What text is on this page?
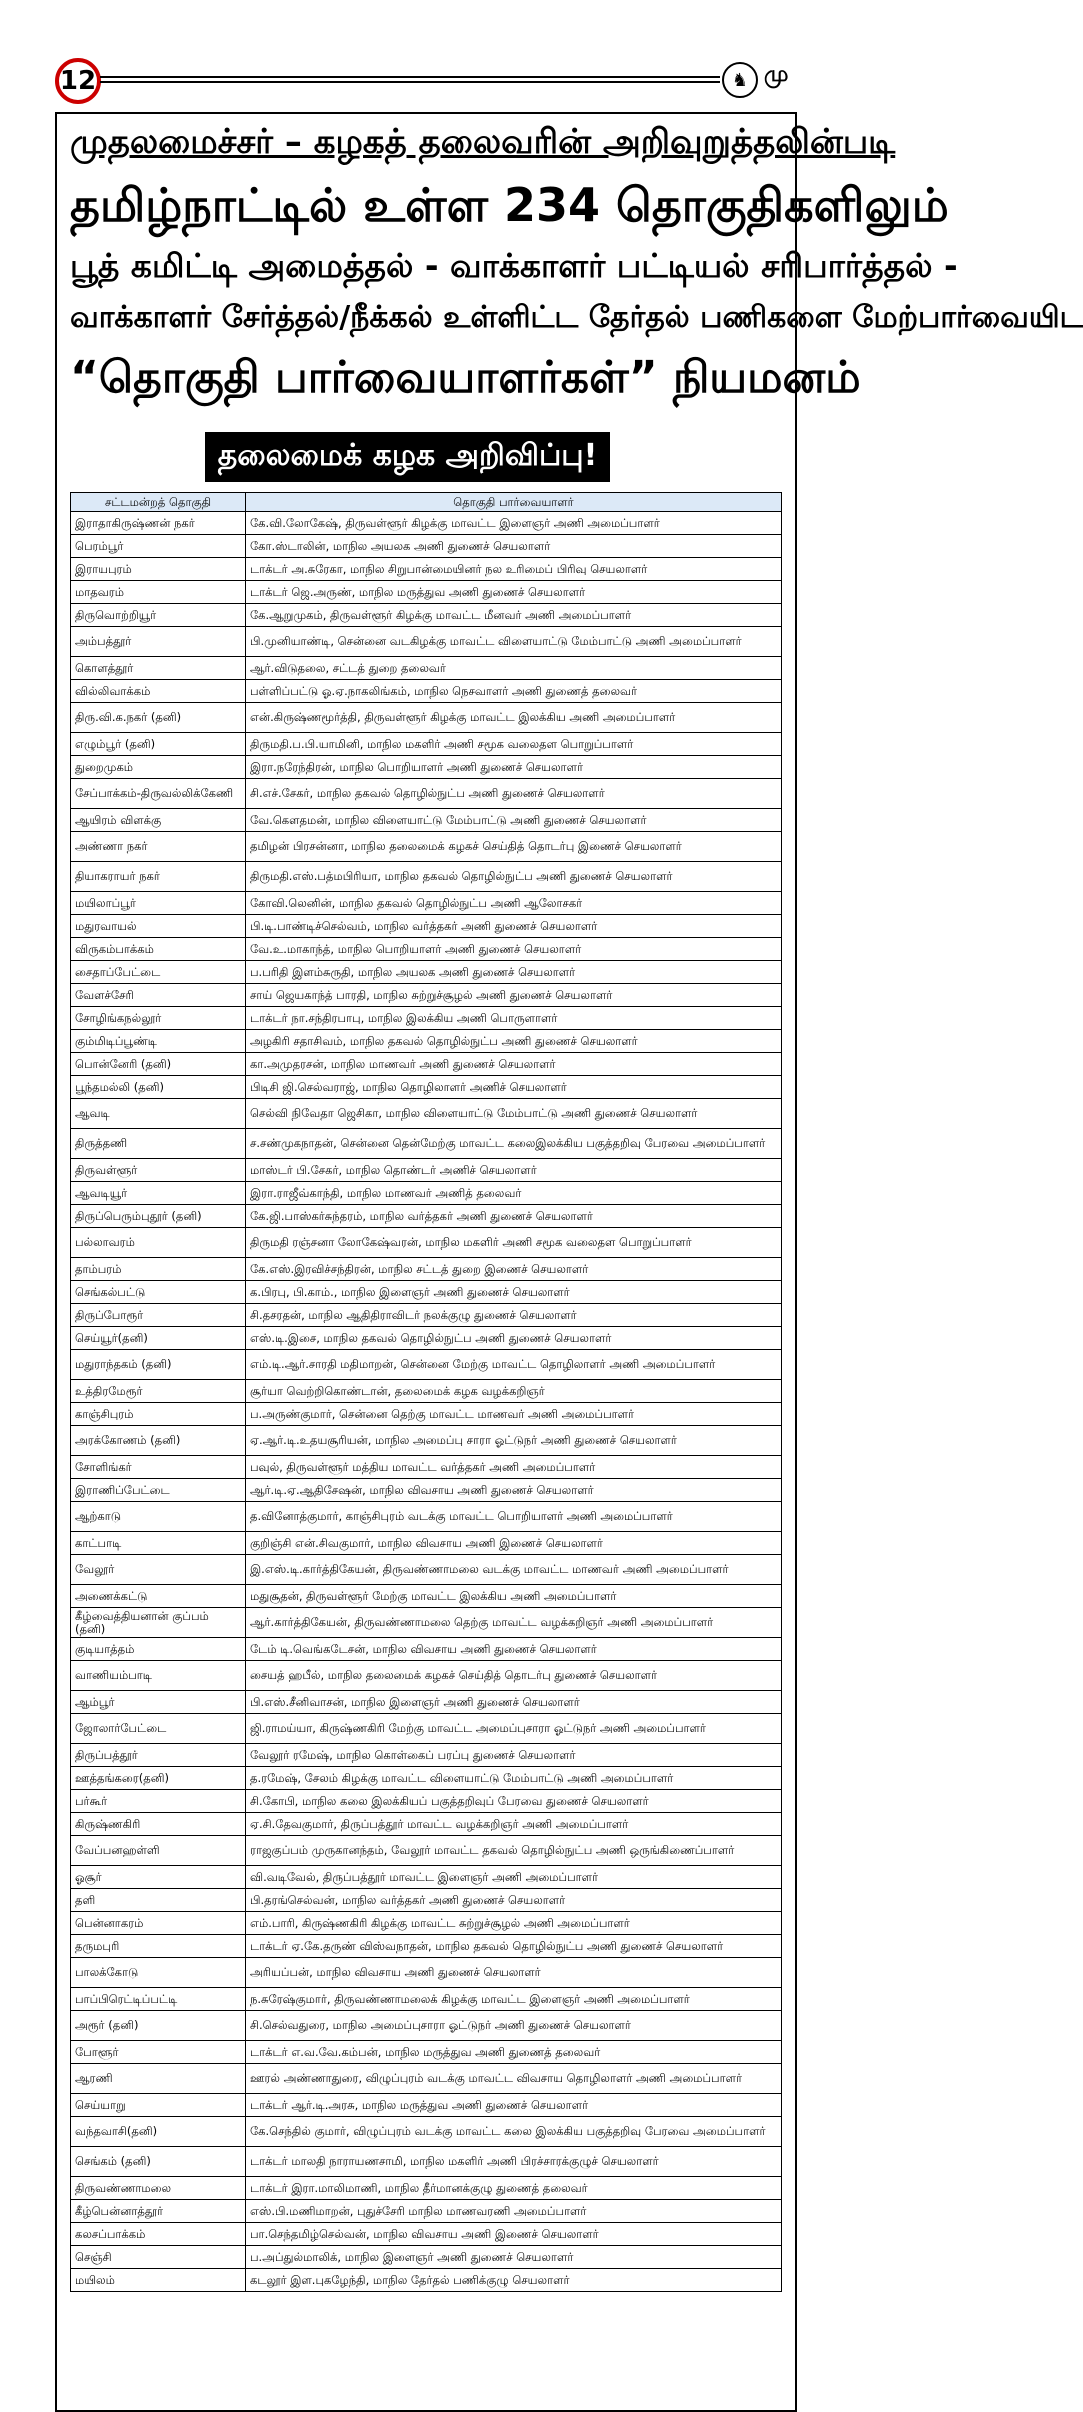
12	♞ மு
முதலமைச்சர் – கழகத் தலைவரின் அறிவுறுத்தலின்படி
தமிழ்நாட்டில் உள்ள 234 தொகுதிகளிலும்
பூத் கமிட்டி அமைத்தல் - வாக்காளர் பட்டியல் சரிபார்த்தல் -
வாக்காளர் சேர்த்தல்/நீக்கல் உள்ளிட்ட தேர்தல் பணிகளை மேற்பார்வையிட
“தொகுதி பார்வையாளர்கள்” நியமனம்
தலைமைக் கழக அறிவிப்பு!
சட்டமன்றத் தொகுதி	தொகுதி பார்வையாளர்
இராதாகிருஷ்ணன் நகர்	கே.வி.லோகேஷ், திருவள்ளூர் கிழக்கு மாவட்ட இளைஞர் அணி அமைப்பாளர்
பெரம்பூர்	கோ.ஸ்டாலின், மாநில அயலக அணி துணைச் செயலாளர்
இராயபுரம்	டாக்டர் அ.சுரேகா, மாநில சிறுபான்மையினர் நல உரிமைப் பிரிவு செயலாளர்
மாதவரம்	டாக்டர் ஜெ.அருண், மாநில மருத்துவ அணி துணைச் செயலாளர்
திருவொற்றியூர்	கே.ஆறுமுகம், திருவள்ளூர் கிழக்கு மாவட்ட மீனவர் அணி அமைப்பாளர்
அம்பத்தூர்	பி.முனியாண்டி, சென்னை வடகிழக்கு மாவட்ட விளையாட்டு மேம்பாட்டு அணி அமைப்பாளர்
கொளத்தூர்	ஆர்.விடுதலை, சட்டத் துறை தலைவர்
வில்லிவாக்கம்	பள்ளிப்பட்டு ஓ.ஏ.நாகலிங்கம், மாநில நெசவாளர் அணி துணைத் தலைவர்
திரு.வி.க.நகர் (தனி)	என்.கிருஷ்ணமூர்த்தி, திருவள்ளூர் கிழக்கு மாவட்ட இலக்கிய அணி அமைப்பாளர்
எழும்பூர் (தனி)	திருமதி.ப.பி.யாமினி, மாநில மகளிர் அணி சமூக வலைதள பொறுப்பாளர்
துறைமுகம்	இரா.நரேந்திரன், மாநில பொறியாளர் அணி துணைச் செயலாளர்
சேப்பாக்கம்-திருவல்லிக்கேணி	சி.எச்.சேகர், மாநில தகவல் தொழில்நுட்ப அணி துணைச் செயலாளர்
ஆயிரம் விளக்கு	வே.கௌதமன், மாநில விளையாட்டு மேம்பாட்டு அணி துணைச் செயலாளர்
அண்ணா நகர்	தமிழன் பிரசன்னா, மாநில தலைமைக் கழகச் செய்தித் தொடர்பு இணைச் செயலாளர்
தியாகராயர் நகர்	திருமதி.எஸ்.பத்மபிரியா, மாநில தகவல் தொழில்நுட்ப அணி துணைச் செயலாளர்
மயிலாப்பூர்	கோவி.லெனின், மாநில தகவல் தொழில்நுட்ப அணி ஆலோசகர்
மதுரவாயல்	பி.டி.பாண்டிச்செல்வம், மாநில வர்த்தகர் அணி துணைச் செயலாளர்
விருகம்பாக்கம்	வே.உ.மாகாந்த், மாநில பொறியாளர் அணி துணைச் செயலாளர்
சைதாப்பேட்டை	ப.பரிதி இளம்சுருதி, மாநில அயலக அணி துணைச் செயலாளர்
வேளச்சேரி	சாய் ஜெயகாந்த் பாரதி, மாநில சுற்றுச்சூழல் அணி துணைச் செயலாளர்
சோழிங்கநல்லூர்	டாக்டர் நா.சந்திரபாபு, மாநில இலக்கிய அணி பொருளாளர்
கும்மிடிப்பூண்டி	அழகிரி சதாசிவம், மாநில தகவல் தொழில்நுட்ப அணி துணைச் செயலாளர்
பொன்னேரி (தனி)	கா.அமுதரசன், மாநில மாணவர் அணி துணைச் செயலாளர்
பூந்தமல்லி (தனி)	பிடிசி ஜி.செல்வராஜ், மாநில தொழிலாளர் அணிச் செயலாளர்
ஆவடி	செல்வி நிவேதா ஜெசிகா, மாநில விளையாட்டு மேம்பாட்டு அணி துணைச் செயலாளர்
திருத்தணி	ச.சண்முகநாதன், சென்னை தென்மேற்கு மாவட்ட கலைஇலக்கிய பகுத்தறிவு பேரவை அமைப்பாளர்
திருவள்ளூர்	மாஸ்டர் பி.சேகர், மாநில தொண்டர் அணிச் செயலாளர்
ஆவடியூர்	இரா.ராஜீவ்காந்தி, மாநில மாணவர் அணித் தலைவர்
திருப்பெரும்புதூர் (தனி)	கே.ஜி.பாஸ்கர்சுந்தரம், மாநில வர்த்தகர் அணி துணைச் செயலாளர்
பல்லாவரம்	திருமதி ரஞ்சனா லோகேஷ்வரன், மாநில மகளிர் அணி சமூக வலைதள பொறுப்பாளர்
தாம்பரம்	கே.எஸ்.இரவிச்சந்திரன், மாநில சட்டத் துறை இணைச் செயலாளர்
செங்கல்பட்டு	க.பிரபு, பி.காம்., மாநில இளைஞர் அணி துணைச் செயலாளர்
திருப்போரூர்	சி.தசரதன், மாநில ஆதிதிராவிடர் நலக்குழு துணைச் செயலாளர்
செய்யூர்(தனி)	எஸ்.டி.இசை, மாநில தகவல் தொழில்நுட்ப அணி துணைச் செயலாளர்
மதுராந்தகம் (தனி)	எம்.டி.ஆர்.சாரதி மதிமாறன், சென்னை மேற்கு மாவட்ட தொழிலாளர் அணி அமைப்பாளர்
உத்திரமேரூர்	சூர்யா வெற்றிகொண்டான், தலைமைக் கழக வழக்கறிஞர்
காஞ்சிபுரம்	ப.அருண்குமார், சென்னை தெற்கு மாவட்ட மாணவர் அணி அமைப்பாளர்
அரக்கோணம் (தனி)	ஏ.ஆர்.டி.உதயசூரியன், மாநில அமைப்பு சாரா ஓட்டுநர் அணி துணைச் செயலாளர்
சோளிங்கர்	பவுல், திருவள்ளூர் மத்திய மாவட்ட வர்த்தகர் அணி அமைப்பாளர்
இராணிப்பேட்டை	ஆர்.டி.ஏ.ஆதிசேஷன், மாநில விவசாய அணி துணைச் செயலாளர்
ஆற்காடு	த.வினோத்குமார், காஞ்சிபுரம் வடக்கு மாவட்ட பொறியாளர் அணி அமைப்பாளர்
காட்பாடி	குறிஞ்சி என்.சிவகுமார், மாநில விவசாய அணி இணைச் செயலாளர்
வேலூர்	இ.எஸ்.டி.கார்த்திகேயன், திருவண்ணாமலை வடக்கு மாவட்ட மாணவர் அணி அமைப்பாளர்
அணைக்கட்டு	மதுசூதன், திருவள்ளூர் மேற்கு மாவட்ட இலக்கிய அணி அமைப்பாளர்
கீழ்வைத்தியனான் குப்பம் (தனி)	ஆர்.கார்த்திகேயன், திருவண்ணாமலை தெற்கு மாவட்ட வழக்கறிஞர் அணி அமைப்பாளர்
குடியாத்தம்	டேம் டி.வெங்கடேசன், மாநில விவசாய அணி துணைச் செயலாளர்
வாணியம்பாடி	சையத் ஹபீல், மாநில தலைமைக் கழகச் செய்தித் தொடர்பு துணைச் செயலாளர்
ஆம்பூர்	பி.எஸ்.சீனிவாசன், மாநில இளைஞர் அணி துணைச் செயலாளர்
ஜோலார்பேட்டை	ஜி.ராமய்யா, கிருஷ்ணகிரி மேற்கு மாவட்ட அமைப்புசாரா ஓட்டுநர் அணி அமைப்பாளர்
திருப்பத்தூர்	வேலூர் ரமேஷ், மாநில கொள்கைப் பரப்பு துணைச் செயலாளர்
ஊத்தங்கரை(தனி)	த.ரமேஷ், சேலம் கிழக்கு மாவட்ட விளையாட்டு மேம்பாட்டு அணி அமைப்பாளர்
பர்கூர்	சி.கோபி, மாநில கலை இலக்கியப் பகுத்தறிவுப் பேரவை துணைச் செயலாளர்
கிருஷ்ணகிரி	ஏ.சி.தேவகுமார், திருப்பத்தூர் மாவட்ட வழக்கறிஞர் அணி அமைப்பாளர்
வேப்பனஹள்ளி	ராஜகுப்பம் முருகானந்தம், வேலூர் மாவட்ட தகவல் தொழில்நுட்ப அணி ஒருங்கிணைப்பாளர்
ஓசூர்	வி.வடிவேல், திருப்பத்தூர் மாவட்ட இளைஞர் அணி அமைப்பாளர்
தளி	பி.தரங்செல்வன், மாநில வர்த்தகர் அணி துணைச் செயலாளர்
பென்னாகரம்	எம்.பாரி, கிருஷ்ணகிரி கிழக்கு மாவட்ட சுற்றுச்சூழல் அணி அமைப்பாளர்
தருமபுரி	டாக்டர் ஏ.கே.தருண் விஸ்வநாதன், மாநில தகவல் தொழில்நுட்ப அணி துணைச் செயலாளர்
பாலக்கோடு	அரியப்பன், மாநில விவசாய அணி துணைச் செயலாளர்
பாப்பிரெட்டிப்பட்டி	ந.சுரேஷ்குமார், திருவண்ணாமலைக் கிழக்கு மாவட்ட இளைஞர் அணி அமைப்பாளர்
அரூர் (தனி)	சி.செல்வதுரை, மாநில அமைப்புசாரா ஓட்டுநர் அணி துணைச் செயலாளர்
போளூர்	டாக்டர் எ.வ.வே.கம்பன், மாநில மருத்துவ அணி துணைத் தலைவர்
ஆரணி	ஊரல் அண்ணாதுரை, விழுப்புரம் வடக்கு மாவட்ட விவசாய தொழிலாளர் அணி அமைப்பாளர்
செய்யாறு	டாக்டர் ஆர்.டி.அரசு, மாநில மருத்துவ அணி துணைச் செயலாளர்
வந்தவாசி(தனி)	கே.செந்தில் குமார், விழுப்புரம் வடக்கு மாவட்ட கலை இலக்கிய பகுத்தறிவு பேரவை அமைப்பாளர்
செங்கம் (தனி)	டாக்டர் மாலதி நாராயணசாமி, மாநில மகளிர் அணி பிரச்சாரக்குழுச் செயலாளர்
திருவண்ணாமலை	டாக்டர் இரா.மாலிமாணி, மாநில தீர்மானக்குழு துணைத் தலைவர்
கீழ்பென்னாத்தூர்	எஸ்.பி.மணிமாறன், புதுச்சேரி மாநில மாணவரணி அமைப்பாளர்
கலசப்பாக்கம்	பா.செந்தமிழ்செல்வன், மாநில விவசாய அணி இணைச் செயலாளர்
செஞ்சி	ப.அப்துல்மாலிக், மாநில இளைஞர் அணி துணைச் செயலாளர்
மயிலம்	கடலூர் இள.புகழேந்தி, மாநில தேர்தல் பணிக்குழு செயலாளர்
